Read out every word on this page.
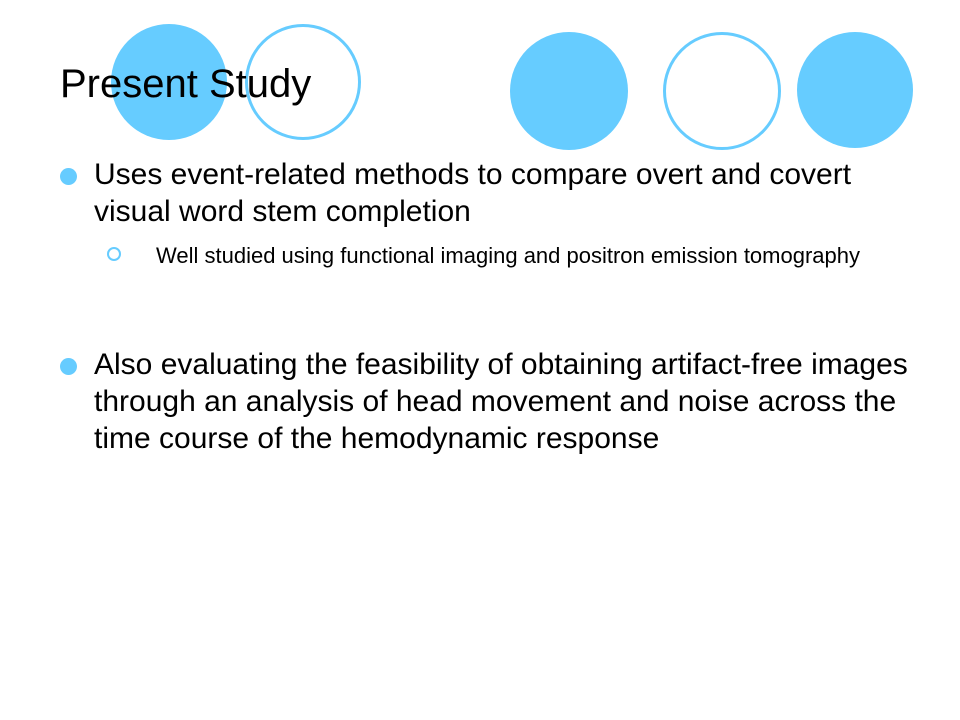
Present Study
Uses event-related methods to compare overt and covert visual word stem completion
Well studied using functional imaging and positron emission tomography
Also evaluating the feasibility of obtaining artifact-free images through an analysis of head movement and noise across the time course of the hemodynamic response
